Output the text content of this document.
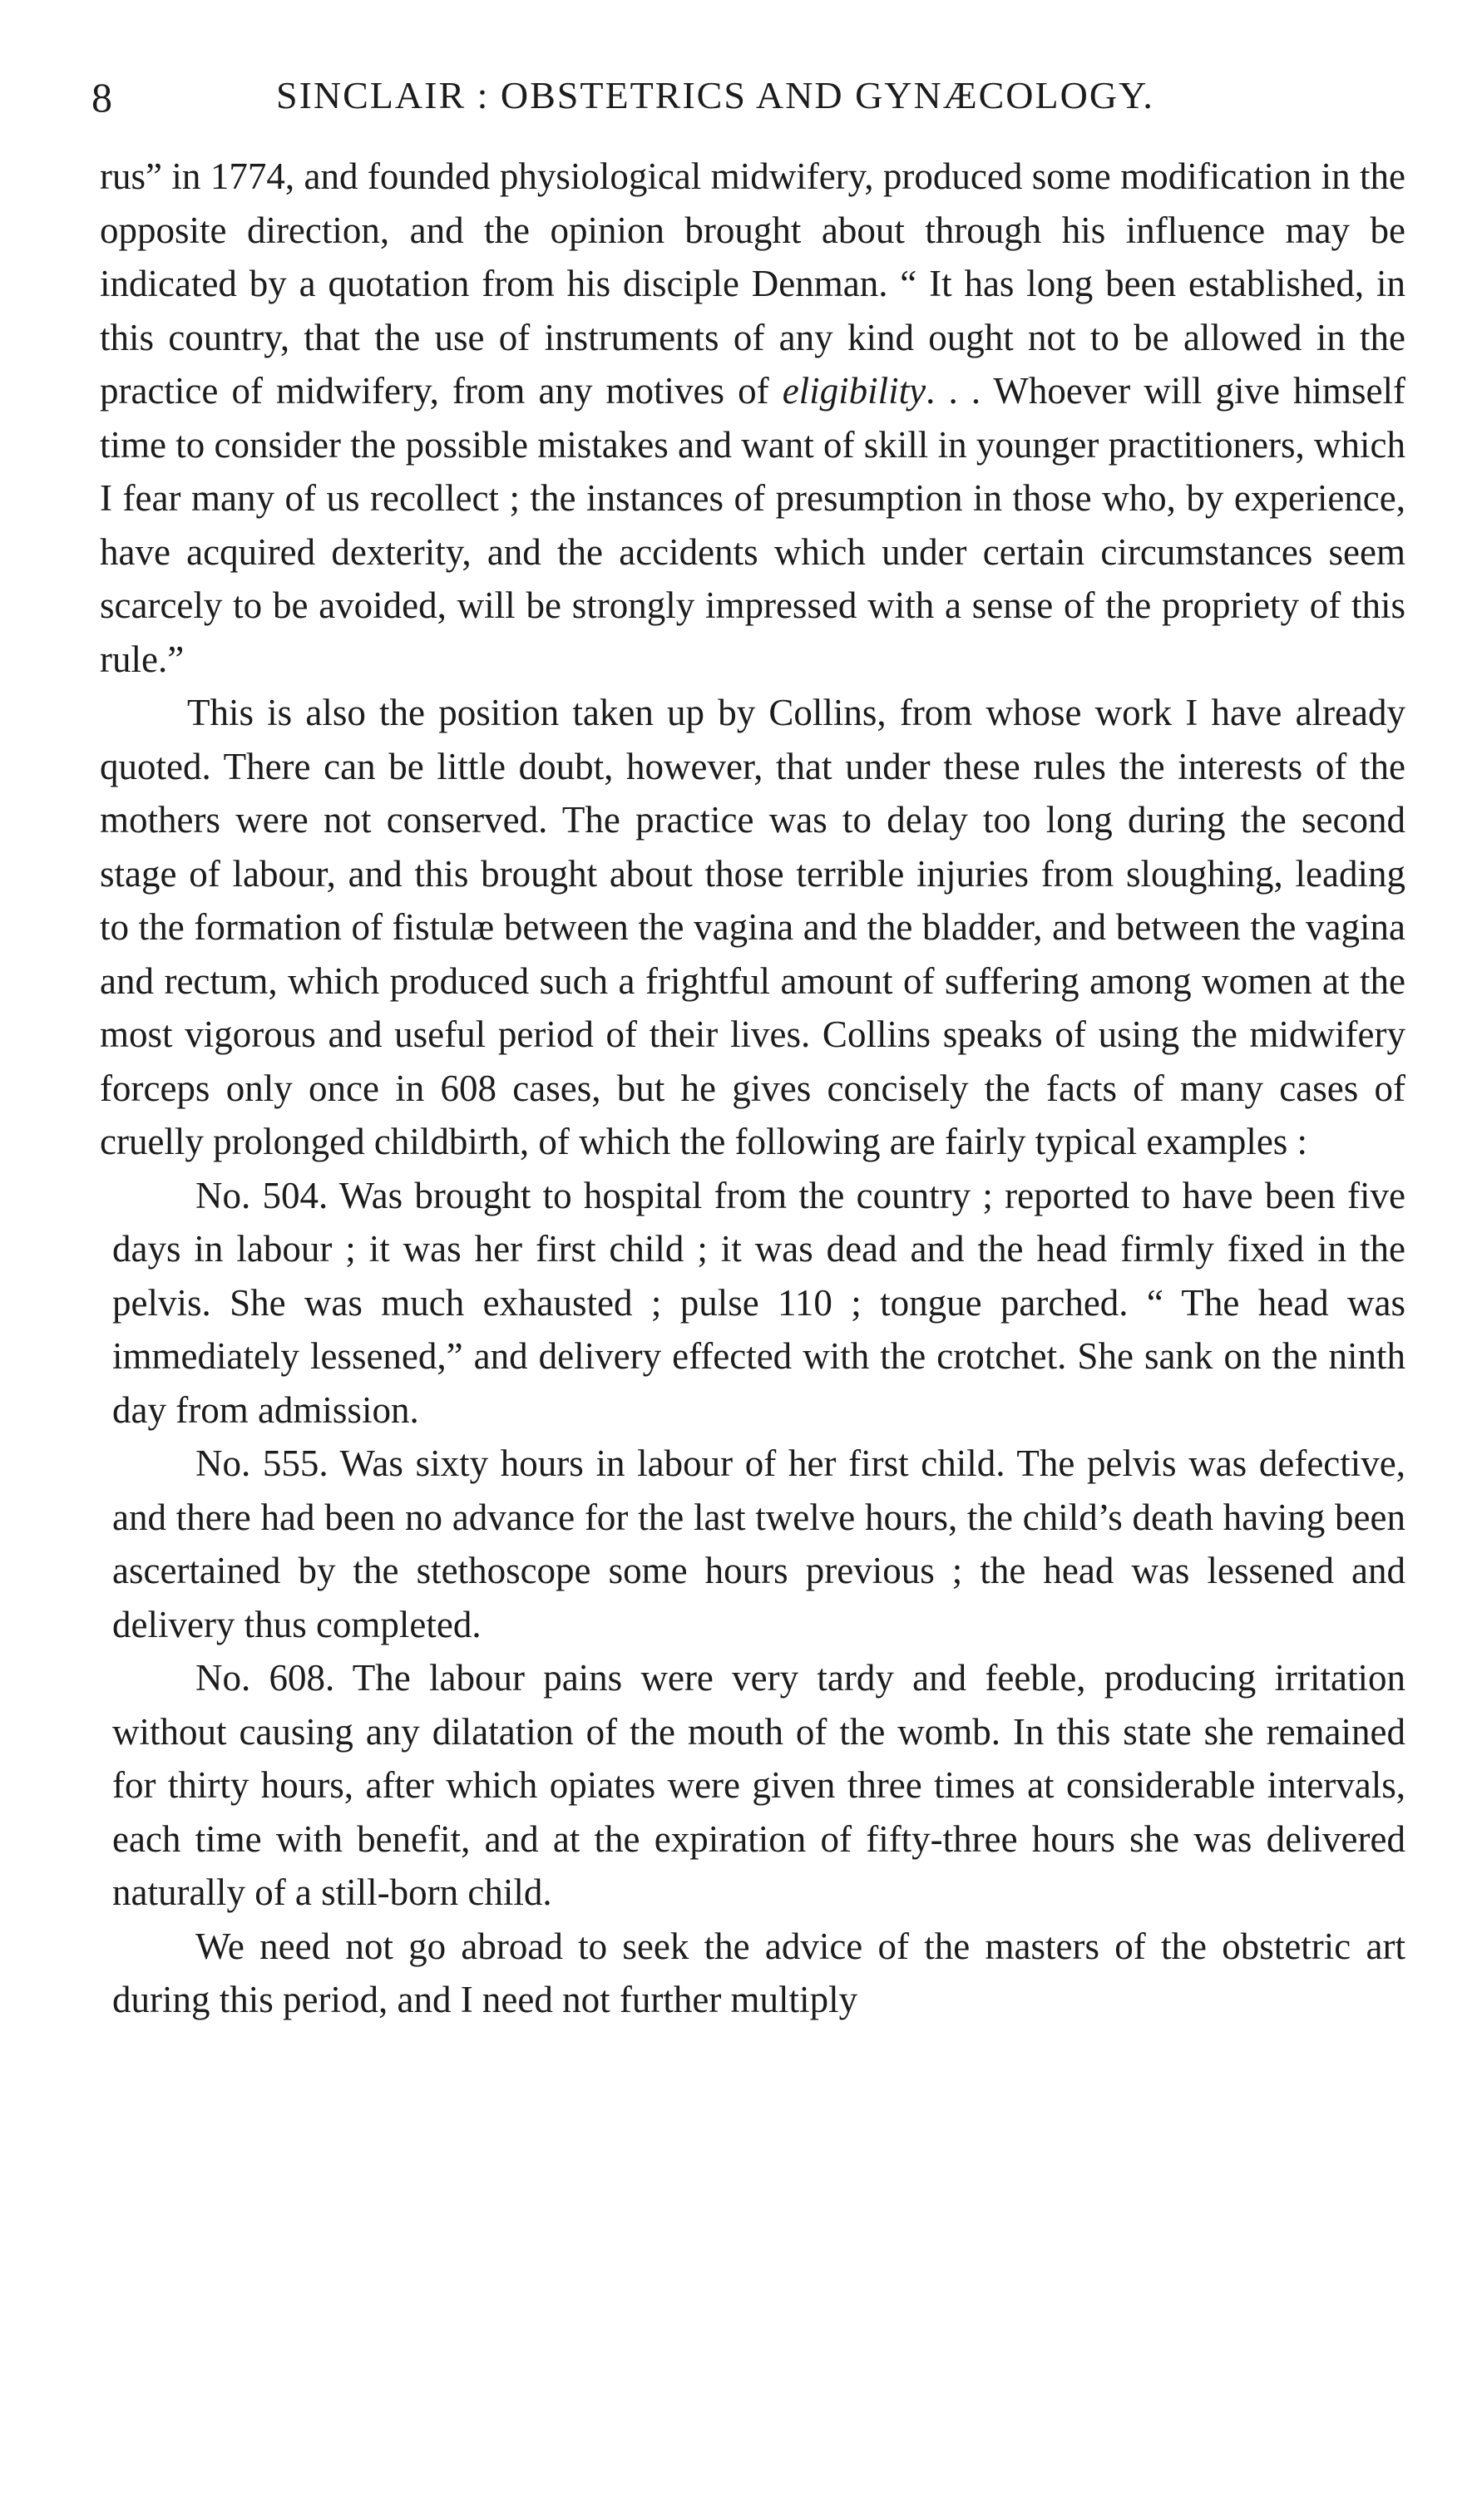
8	SINCLAIR : OBSTETRICS AND GYNÆCOLOGY.

rus” in 1774, and founded physiological midwifery, produced some modification in the opposite direction, and the opinion brought about through his influence may be indicated by a quotation from his disciple Denman. “ It has long been established, in this country, that the use of instruments of any kind ought not to be allowed in the practice of midwifery, from any motives of eligibility. . . Whoever will give himself time to consider the possible mistakes and want of skill in younger practitioners, which I fear many of us recollect ; the instances of presumption in those who, by experience, have acquired dexterity, and the accidents which under certain circumstances seem scarcely to be avoided, will be strongly impressed with a sense of the propriety of this rule.”

This is also the position taken up by Collins, from whose work I have already quoted. There can be little doubt, however, that under these rules the interests of the mothers were not conserved. The practice was to delay too long during the second stage of labour, and this brought about those terrible injuries from sloughing, leading to the formation of fistulæ between the vagina and the bladder, and between the vagina and rectum, which produced such a frightful amount of suffering among women at the most vigorous and useful period of their lives. Collins speaks of using the midwifery forceps only once in 608 cases, but he gives concisely the facts of many cases of cruelly prolonged childbirth, of which the following are fairly typical examples :

No. 504. Was brought to hospital from the country ; reported to have been five days in labour ; it was her first child ; it was dead and the head firmly fixed in the pelvis. She was much exhausted ; pulse 110 ; tongue parched. “ The head was immediately lessened,” and delivery effected with the crotchet. She sank on the ninth day from admission.

No. 555. Was sixty hours in labour of her first child. The pelvis was defective, and there had been no advance for the last twelve hours, the child’s death having been ascertained by the stethoscope some hours previous ; the head was lessened and delivery thus completed.

No. 608. The labour pains were very tardy and feeble, producing irritation without causing any dilatation of the mouth of the womb. In this state she remained for thirty hours, after which opiates were given three times at considerable intervals, each time with benefit, and at the expiration of fifty-three hours she was delivered naturally of a still-born child.

We need not go abroad to seek the advice of the masters of the obstetric art during this period, and I need not further multiply
